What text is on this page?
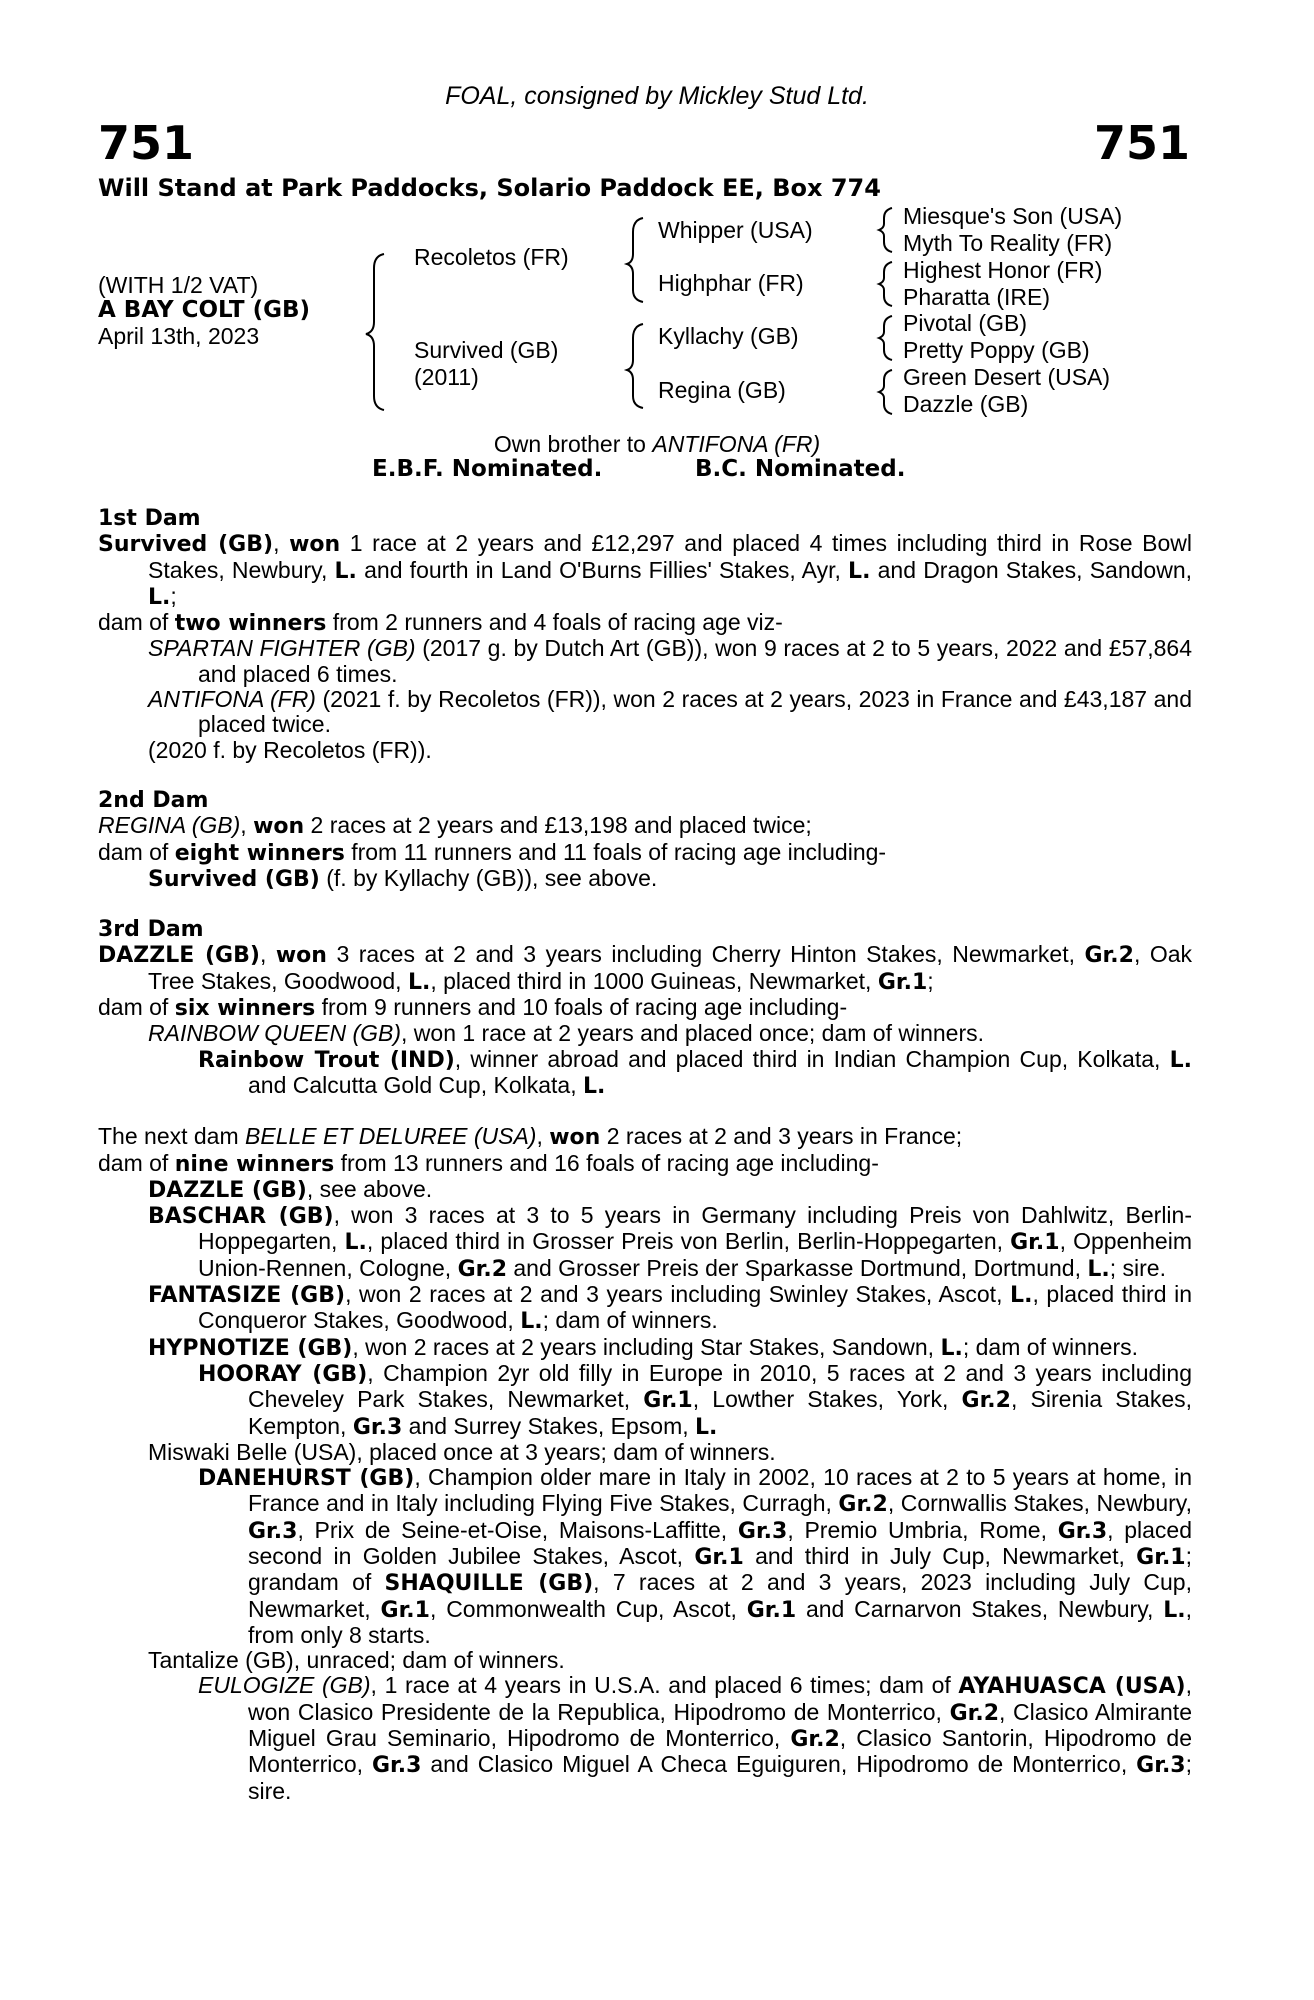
FOAL, consigned by Mickley Stud Ltd.
751	751
Will Stand at Park Paddocks, Solario Paddock EE, Box 774
(WITH 1/2 VAT)
A BAY COLT (GB)
April 13th, 2023
Recoletos (FR)
Survived (GB)
(2011)
Whipper (USA)
Highphar (FR)
Kyllachy (GB)
Regina (GB)
Miesque's Son (USA)
Myth To Reality (FR)
Highest Honor (FR)
Pharatta (IRE)
Pivotal (GB)
Pretty Poppy (GB)
Green Desert (USA)
Dazzle (GB)
Own brother to ANTIFONA (FR)
E.B.F. Nominated.	B.C. Nominated.

1st Dam

Survived (GB), won 1 race at 2 years and £12,297 and placed 4 times including third in Rose Bowl Stakes, Newbury, L. and fourth in Land O'Burns Fillies' Stakes, Ayr, L. and Dragon Stakes, Sandown, L.;

dam of two winners from 2 runners and 4 foals of racing age viz-

SPARTAN FIGHTER (GB) (2017 g. by Dutch Art (GB)), won 9 races at 2 to 5 years, 2022 and £57,864 and placed 6 times.

ANTIFONA (FR) (2021 f. by Recoletos (FR)), won 2 races at 2 years, 2023 in France and £43,187 and placed twice.

(2020 f. by Recoletos (FR)).

2nd Dam

REGINA (GB), won 2 races at 2 years and £13,198 and placed twice;

dam of eight winners from 11 runners and 11 foals of racing age including-

Survived (GB) (f. by Kyllachy (GB)), see above.

3rd Dam

DAZZLE (GB), won 3 races at 2 and 3 years including Cherry Hinton Stakes, Newmarket, Gr.2, Oak Tree Stakes, Goodwood, L., placed third in 1000 Guineas, Newmarket, Gr.1;

dam of six winners from 9 runners and 10 foals of racing age including-

RAINBOW QUEEN (GB), won 1 race at 2 years and placed once; dam of winners.

Rainbow Trout (IND), winner abroad and placed third in Indian Champion Cup, Kolkata, L. and Calcutta Gold Cup, Kolkata, L.

The next dam BELLE ET DELUREE (USA), won 2 races at 2 and 3 years in France;

dam of nine winners from 13 runners and 16 foals of racing age including-

DAZZLE (GB), see above.

BASCHAR (GB), won 3 races at 3 to 5 years in Germany including Preis von Dahlwitz, Berlin-Hoppegarten, L., placed third in Grosser Preis von Berlin, Berlin-Hoppegarten, Gr.1, Oppenheim Union-Rennen, Cologne, Gr.2 and Grosser Preis der Sparkasse Dortmund, Dortmund, L.; sire.

FANTASIZE (GB), won 2 races at 2 and 3 years including Swinley Stakes, Ascot, L., placed third in Conqueror Stakes, Goodwood, L.; dam of winners.

HYPNOTIZE (GB), won 2 races at 2 years including Star Stakes, Sandown, L.; dam of winners.

HOORAY (GB), Champion 2yr old filly in Europe in 2010, 5 races at 2 and 3 years including Cheveley Park Stakes, Newmarket, Gr.1, Lowther Stakes, York, Gr.2, Sirenia Stakes, Kempton, Gr.3 and Surrey Stakes, Epsom, L.

Miswaki Belle (USA), placed once at 3 years; dam of winners.

DANEHURST (GB), Champion older mare in Italy in 2002, 10 races at 2 to 5 years at home, in France and in Italy including Flying Five Stakes, Curragh, Gr.2, Cornwallis Stakes, Newbury, Gr.3, Prix de Seine-et-Oise, Maisons-Laffitte, Gr.3, Premio Umbria, Rome, Gr.3, placed second in Golden Jubilee Stakes, Ascot, Gr.1 and third in July Cup, Newmarket, Gr.1; grandam of SHAQUILLE (GB), 7 races at 2 and 3 years, 2023 including July Cup, Newmarket, Gr.1, Commonwealth Cup, Ascot, Gr.1 and Carnarvon Stakes, Newbury, L., from only 8 starts.

Tantalize (GB), unraced; dam of winners.

EULOGIZE (GB), 1 race at 4 years in U.S.A. and placed 6 times; dam of AYAHUASCA (USA), won Clasico Presidente de la Republica, Hipodromo de Monterrico, Gr.2, Clasico Almirante Miguel Grau Seminario, Hipodromo de Monterrico, Gr.2, Clasico Santorin, Hipodromo de Monterrico, Gr.3 and Clasico Miguel A Checa Eguiguren, Hipodromo de Monterrico, Gr.3; sire.
